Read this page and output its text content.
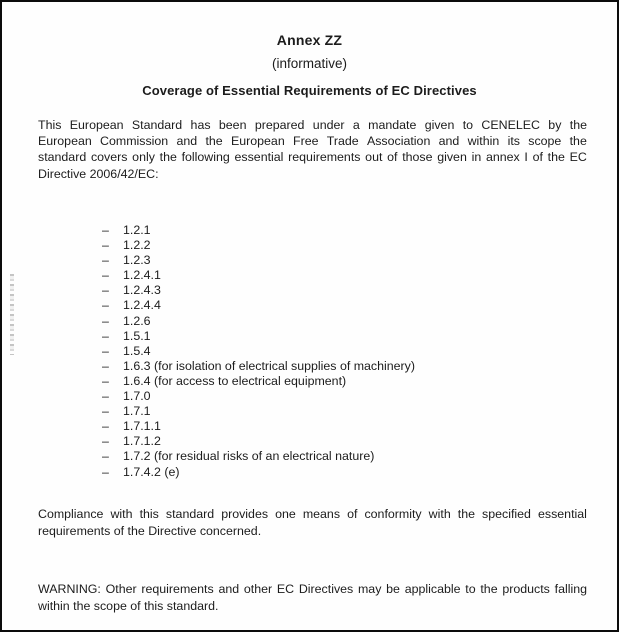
Annex ZZ
(informative)
Coverage of Essential Requirements of EC Directives
This European Standard has been prepared under a mandate given to CENELEC by the
European Commission and the European Free Trade Association and within its scope the
standard covers only the following essential requirements out of those given in annex I of the EC
Directive 2006/42/EC:
–	1.2.1
–	1.2.2
–	1.2.3
–	1.2.4.1
–	1.2.4.3
–	1.2.4.4
–	1.2.6
–	1.5.1
–	1.5.4
–	1.6.3 (for isolation of electrical supplies of machinery)
–	1.6.4 (for access to electrical equipment)
–	1.7.0
–	1.7.1
–	1.7.1.1
–	1.7.1.2
–	1.7.2 (for residual risks of an electrical nature)
–	1.7.4.2 (e)
Compliance with this standard provides one means of conformity with the specified essential
requirements of the Directive concerned.
WARNING: Other requirements and other EC Directives may be applicable to the products falling
within the scope of this standard.
